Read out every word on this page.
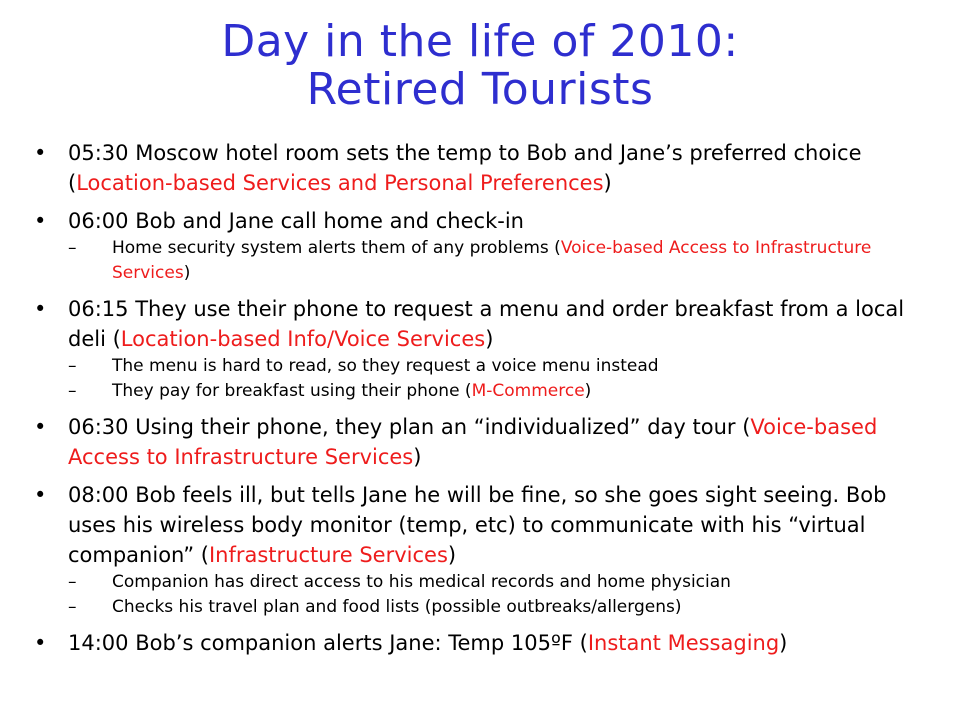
Day in the life of 2010:
Retired Tourists
• 05:30 Moscow hotel room sets the temp to Bob and Jane’s preferred choice (Location-based Services and Personal Preferences)
• 06:00 Bob and Jane call home and check-in
– Home security system alerts them of any problems (Voice-based Access to Infrastructure Services)
• 06:15 They use their phone to request a menu and order breakfast from a local deli (Location-based Info/Voice Services)
– The menu is hard to read, so they request a voice menu instead
– They pay for breakfast using their phone (M-Commerce)
• 06:30 Using their phone, they plan an “individualized” day tour (Voice-based Access to Infrastructure Services)
• 08:00 Bob feels ill, but tells Jane he will be fine, so she goes sight seeing. Bob uses his wireless body monitor (temp, etc) to communicate with his “virtual companion” (Infrastructure Services)
– Companion has direct access to his medical records and home physician
– Checks his travel plan and food lists (possible outbreaks/allergens)
• 14:00 Bob’s companion alerts Jane: Temp 105ºF (Instant Messaging)
